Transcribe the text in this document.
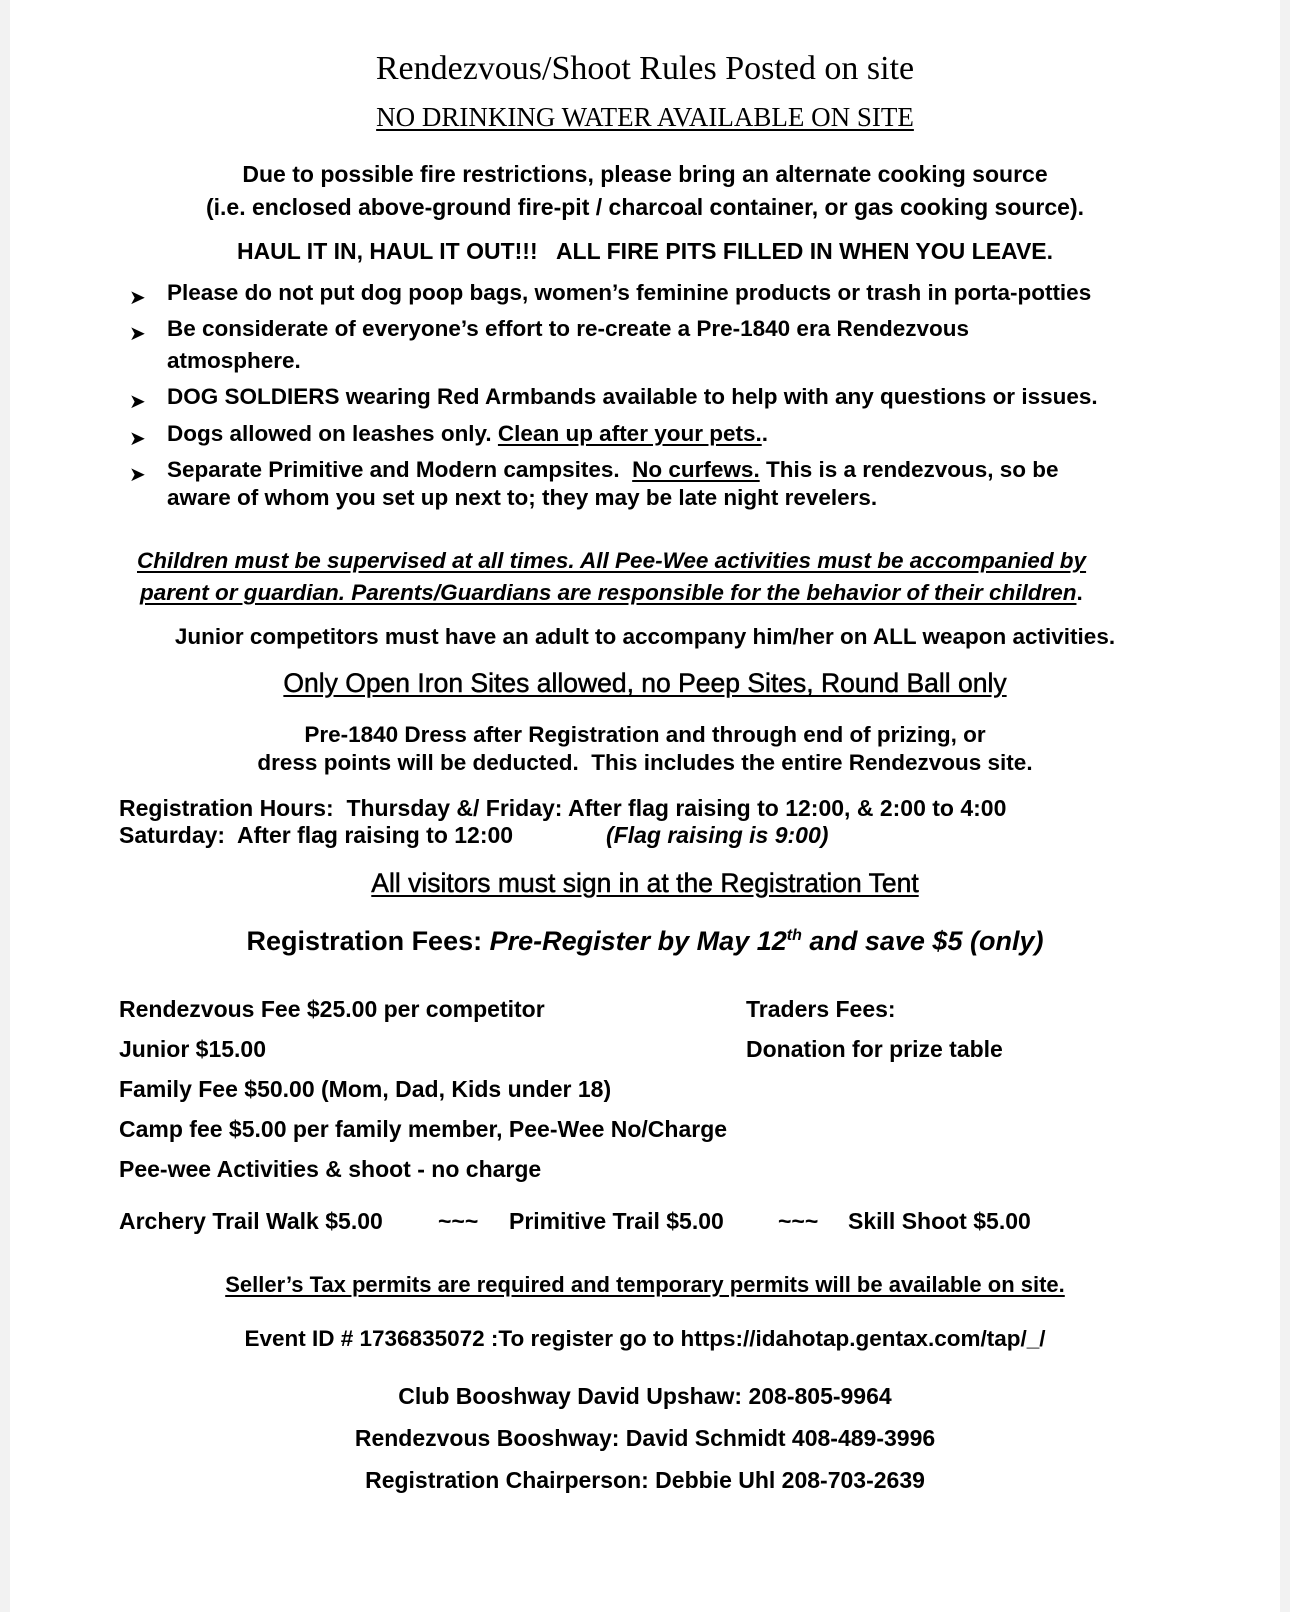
Rendezvous/Shoot Rules Posted on site
NO DRINKING WATER AVAILABLE ON SITE
Due to possible fire restrictions, please bring an alternate cooking source
(i.e. enclosed above-ground fire-pit / charcoal container, or gas cooking source).
HAUL IT IN, HAUL IT OUT!!!   ALL FIRE PITS FILLED IN WHEN YOU LEAVE.
➤ Please do not put dog poop bags, women’s feminine products or trash in porta-potties
➤ Be considerate of everyone’s effort to re-create a Pre-1840 era Rendezvous
atmosphere.
➤ DOG SOLDIERS wearing Red Armbands available to help with any questions or issues.
➤ Dogs allowed on leashes only. Clean up after your pets..
➤ Separate Primitive and Modern campsites.  No curfews. This is a rendezvous, so be
aware of whom you set up next to; they may be late night revelers.
Children must be supervised at all times. All Pee-Wee activities must be accompanied by
parent or guardian. Parents/Guardians are responsible for the behavior of their children.
Junior competitors must have an adult to accompany him/her on ALL weapon activities.
Only Open Iron Sites allowed, no Peep Sites, Round Ball only
Pre-1840 Dress after Registration and through end of prizing, or
dress points will be deducted.  This includes the entire Rendezvous site.
Registration Hours:  Thursday &/ Friday: After flag raising to 12:00, & 2:00 to 4:00
Saturday:  After flag raising to 12:00	(Flag raising is 9:00)
All visitors must sign in at the Registration Tent
Registration Fees: Pre-Register by May 12th and save $5 (only)
Rendezvous Fee $25.00 per competitor
Junior $15.00
Family Fee $50.00 (Mom, Dad, Kids under 18)
Camp fee $5.00 per family member, Pee-Wee No/Charge
Pee-wee Activities & shoot - no charge
Traders Fees:
Donation for prize table
Archery Trail Walk $5.00 ~~~ Primitive Trail $5.00 ~~~ Skill Shoot $5.00
Seller’s Tax permits are required and temporary permits will be available on site.
Event ID # 1736835072 :To register go to https://idahotap.gentax.com/tap/_/
Club Booshway David Upshaw: 208-805-9964
Rendezvous Booshway: David Schmidt 408-489-3996
Registration Chairperson: Debbie Uhl 208-703-2639
